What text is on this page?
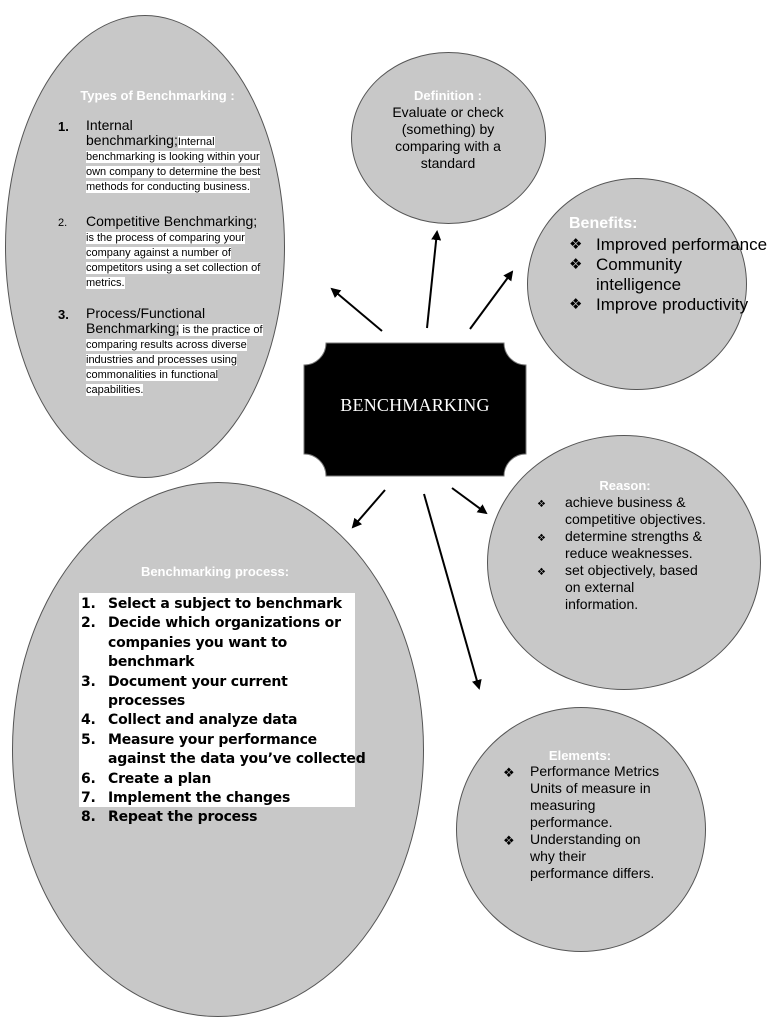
BENCHMARKING
Types of Benchmarking :
1. Internal benchmarking;Internal benchmarking is looking within your own company to determine the best methods for conducting business.
2. Competitive Benchmarking; is the process of comparing your company against a number of competitors using a set collection of metrics.
3. Process/Functional Benchmarking; is the practice of comparing results across diverse industries and processes using commonalities in functional capabilities.
Definition :
Evaluate or check (something) by comparing with a standard
Benefits:
❖ Improved performance
❖ Community intelligence
❖ Improve productivity
Reason:
❖ achieve business & competitive objectives.
❖ determine strengths & reduce weaknesses.
❖ set objectively, based on external information.
Elements:
❖ Performance Metrics Units of measure in measuring performance.
❖ Understanding on why their performance differs.
Benchmarking process:
1. Select a subject to benchmark
2. Decide which organizations or companies you want to benchmark
3. Document your current processes
4. Collect and analyze data
5. Measure your performance against the data you’ve collected
6. Create a plan
7. Implement the changes
8. Repeat the process
